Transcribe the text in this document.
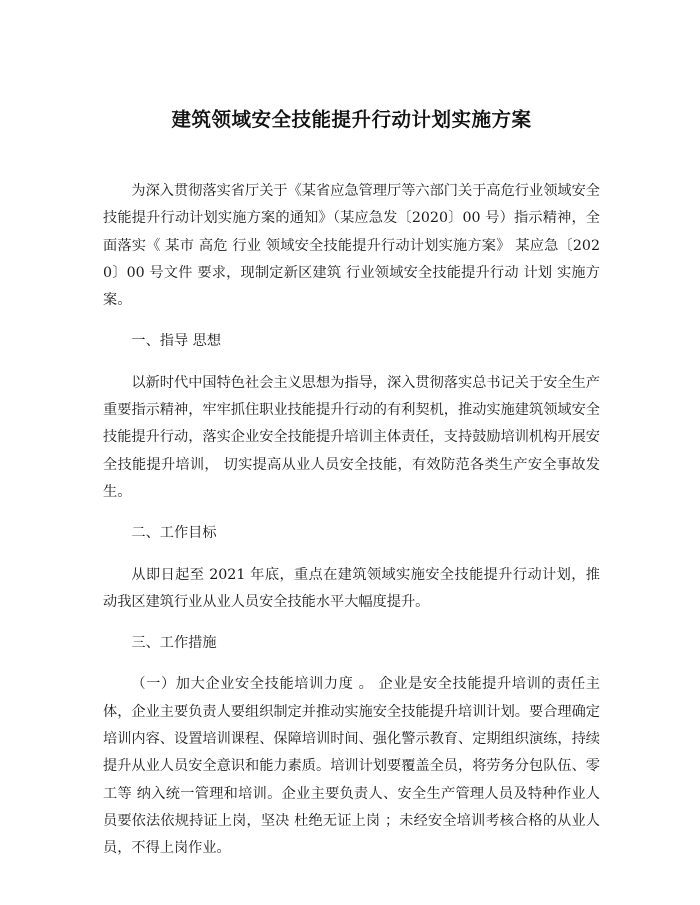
建筑领域安全技能提升行动计划实施方案

为深入贯彻落实省厅关于《某省应急管理厅等六部门关于高危行业领域安全技能提升行动计划实施方案的通知》（某应急发〔2020〕00 号）指示精神，全面落实《 某市 高危 行业 领域安全技能提升行动计划实施方案》 某应急〔2020〕00 号文件 要求，现制定新区建筑 行业领域安全技能提升行动 计划 实施方案。

一、指导 思想

以新时代中国特色社会主义思想为指导，深入贯彻落实总书记关于安全生产重要指示精神，牢牢抓住职业技能提升行动的有利契机，推动实施建筑领域安全技能提升行动，落实企业安全技能提升培训主体责任，支持鼓励培训机构开展安全技能提升培训， 切实提高从业人员安全技能，有效防范各类生产安全事故发生。

二、工作目标

从即日起至 2021 年底，重点在建筑领域实施安全技能提升行动计划，推动我区建筑行业从业人员安全技能水平大幅度提升。

三、工作措施

（一）加大企业安全技能培训力度 。 企业是安全技能提升培训的责任主体，企业主要负责人要组织制定并推动实施安全技能提升培训计划。要合理确定培训内容、设置培训课程、保障培训时间、强化警示教育、定期组织演练，持续提升从业人员安全意识和能力素质。培训计划要覆盖全员，将劳务分包队伍、零工等 纳入统一管理和培训。企业主要负责人、安全生产管理人员及特种作业人员要依法依规持证上岗，坚决 杜绝无证上岗 ；未经安全培训考核合格的从业人员，不得上岗作业。
